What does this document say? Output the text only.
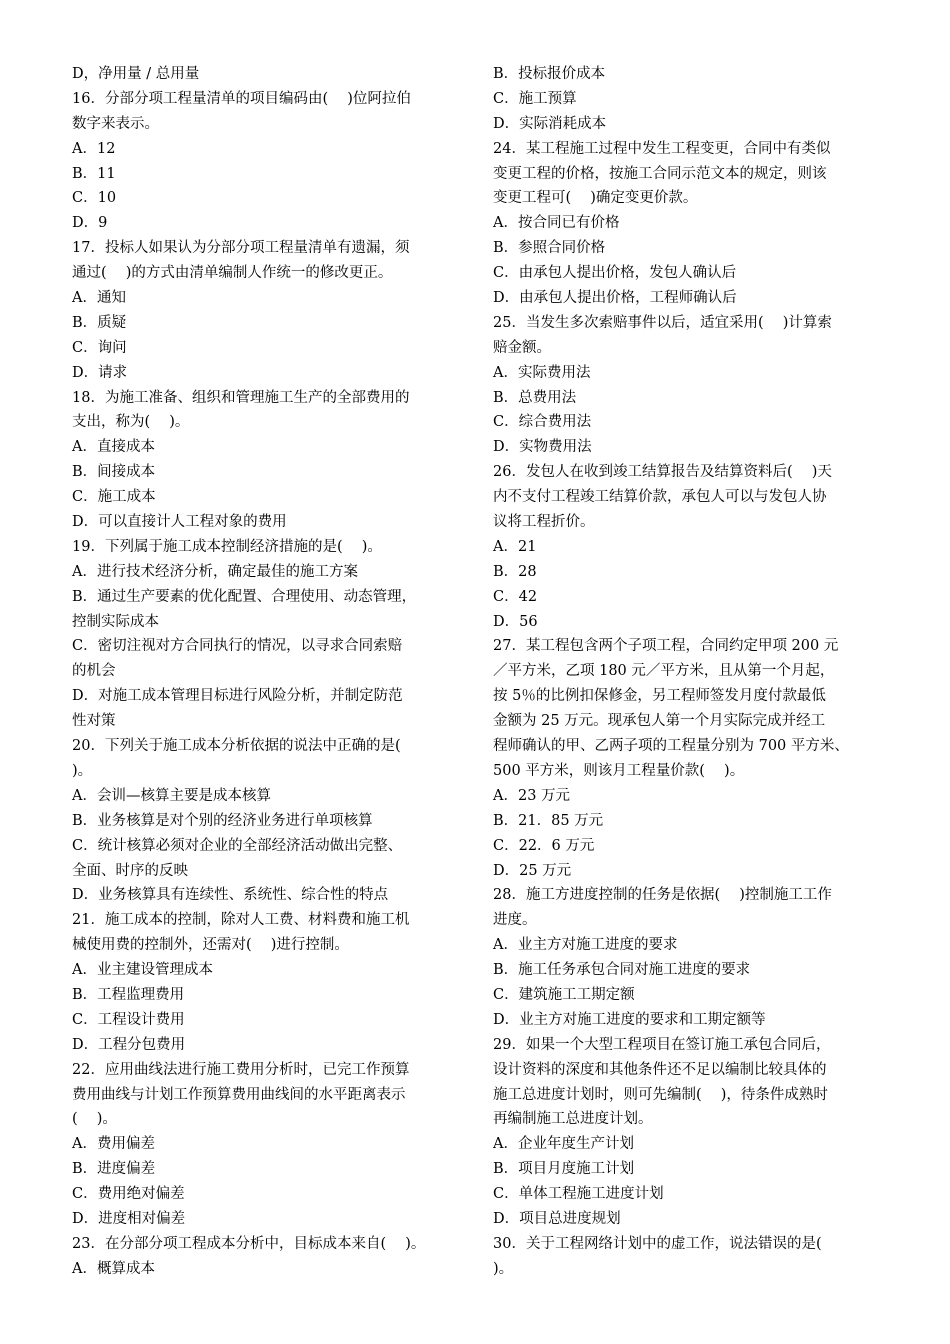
D，净用量 / 总用量
16．分部分项工程量清单的项目编码由(　 )位阿拉伯
数字来表示。
A．12
B．11
C．10
D．9
17．投标人如果认为分部分项工程量清单有遗漏，须
通过(　 )的方式由清单编制人作统一的修改更正。
A．通知
B．质疑
C．询问
D．请求
18．为施工准备、组织和管理施工生产的全部费用的
支出，称为(　 )。
A．直接成本
B．间接成本
C．施工成本
D．可以直接计人工程对象的费用
19．下列属于施工成本控制经济措施的是(　 )。
A．进行技术经济分析，确定最佳的施工方案
B．通过生产要素的优化配置、合理使用、动态管理，
控制实际成本
C．密切注视对方合同执行的情况，以寻求合同索赔
的机会
D．对施工成本管理目标进行风险分析，并制定防范
性对策
20．下列关于施工成本分析依据的说法中正确的是(
)。
A．会训—核算主要是成本核算
B．业务核算是对个别的经济业务进行单项核算
C．统计核算必须对企业的全部经济活动做出完整、
全面、时序的反映
D．业务核算具有连续性、系统性、综合性的特点
21．施工成本的控制，除对人工费、材料费和施工机
械使用费的控制外，还需对(　 )进行控制。
A．业主建设管理成本
B．工程监理费用
C．工程设计费用
D．工程分包费用
22．应用曲线法进行施工费用分析时，已完工作预算
费用曲线与计划工作预算费用曲线间的水平距离表示
(　 )。
A．费用偏差
B．进度偏差
C．费用绝对偏差
D．进度相对偏差
23．在分部分项工程成本分析中，目标成本来自(　 )。
A．概算成本
B．投标报价成本
C．施工预算
D．实际消耗成本
24．某工程施工过程中发生工程变更，合同中有类似
变更工程的价格，按施工合同示范文本的规定，则该
变更工程可(　 )确定变更价款。
A．按合同已有价格
B．参照合同价格
C．由承包人提出价格，发包人确认后
D．由承包人提出价格，工程师确认后
25．当发生多次索赔事件以后，适宜采用(　 )计算索
赔金额。
A．实际费用法
B．总费用法
C．综合费用法
D．实物费用法
26．发包人在收到竣工结算报告及结算资料后(　 )天
内不支付工程竣工结算价款，承包人可以与发包人协
议将工程折价。
A．21
B．28
C．42
D．56
27．某工程包含两个子项工程，合同约定甲项 200 元
／平方米，乙项 180 元／平方米，且从第一个月起，
按 5％的比例扣保修金，另工程师签发月度付款最低
金额为 25 万元。现承包人第一个月实际完成并经工
程师确认的甲、乙两子项的工程量分别为 700 平方米、
500 平方米，则该月工程量价款(　 )。
A．23 万元
B．21．85 万元
C．22．6 万元
D．25 万元
28．施工方进度控制的任务是依据(　 )控制施工工作
进度。
A．业主方对施工进度的要求
B．施工任务承包合同对施工进度的要求
C．建筑施工工期定额
D．业主方对施工进度的要求和工期定额等
29．如果一个大型工程项目在签订施工承包合同后，
设计资料的深度和其他条件还不足以编制比较具体的
施工总进度计划时，则可先编制(　 )，待条件成熟时
再编制施工总进度计划。
A．企业年度生产计划
B．项目月度施工计划
C．单体工程施工进度计划
D．项目总进度规划
30．关于工程网络计划中的虚工作，说法错误的是(
)。
